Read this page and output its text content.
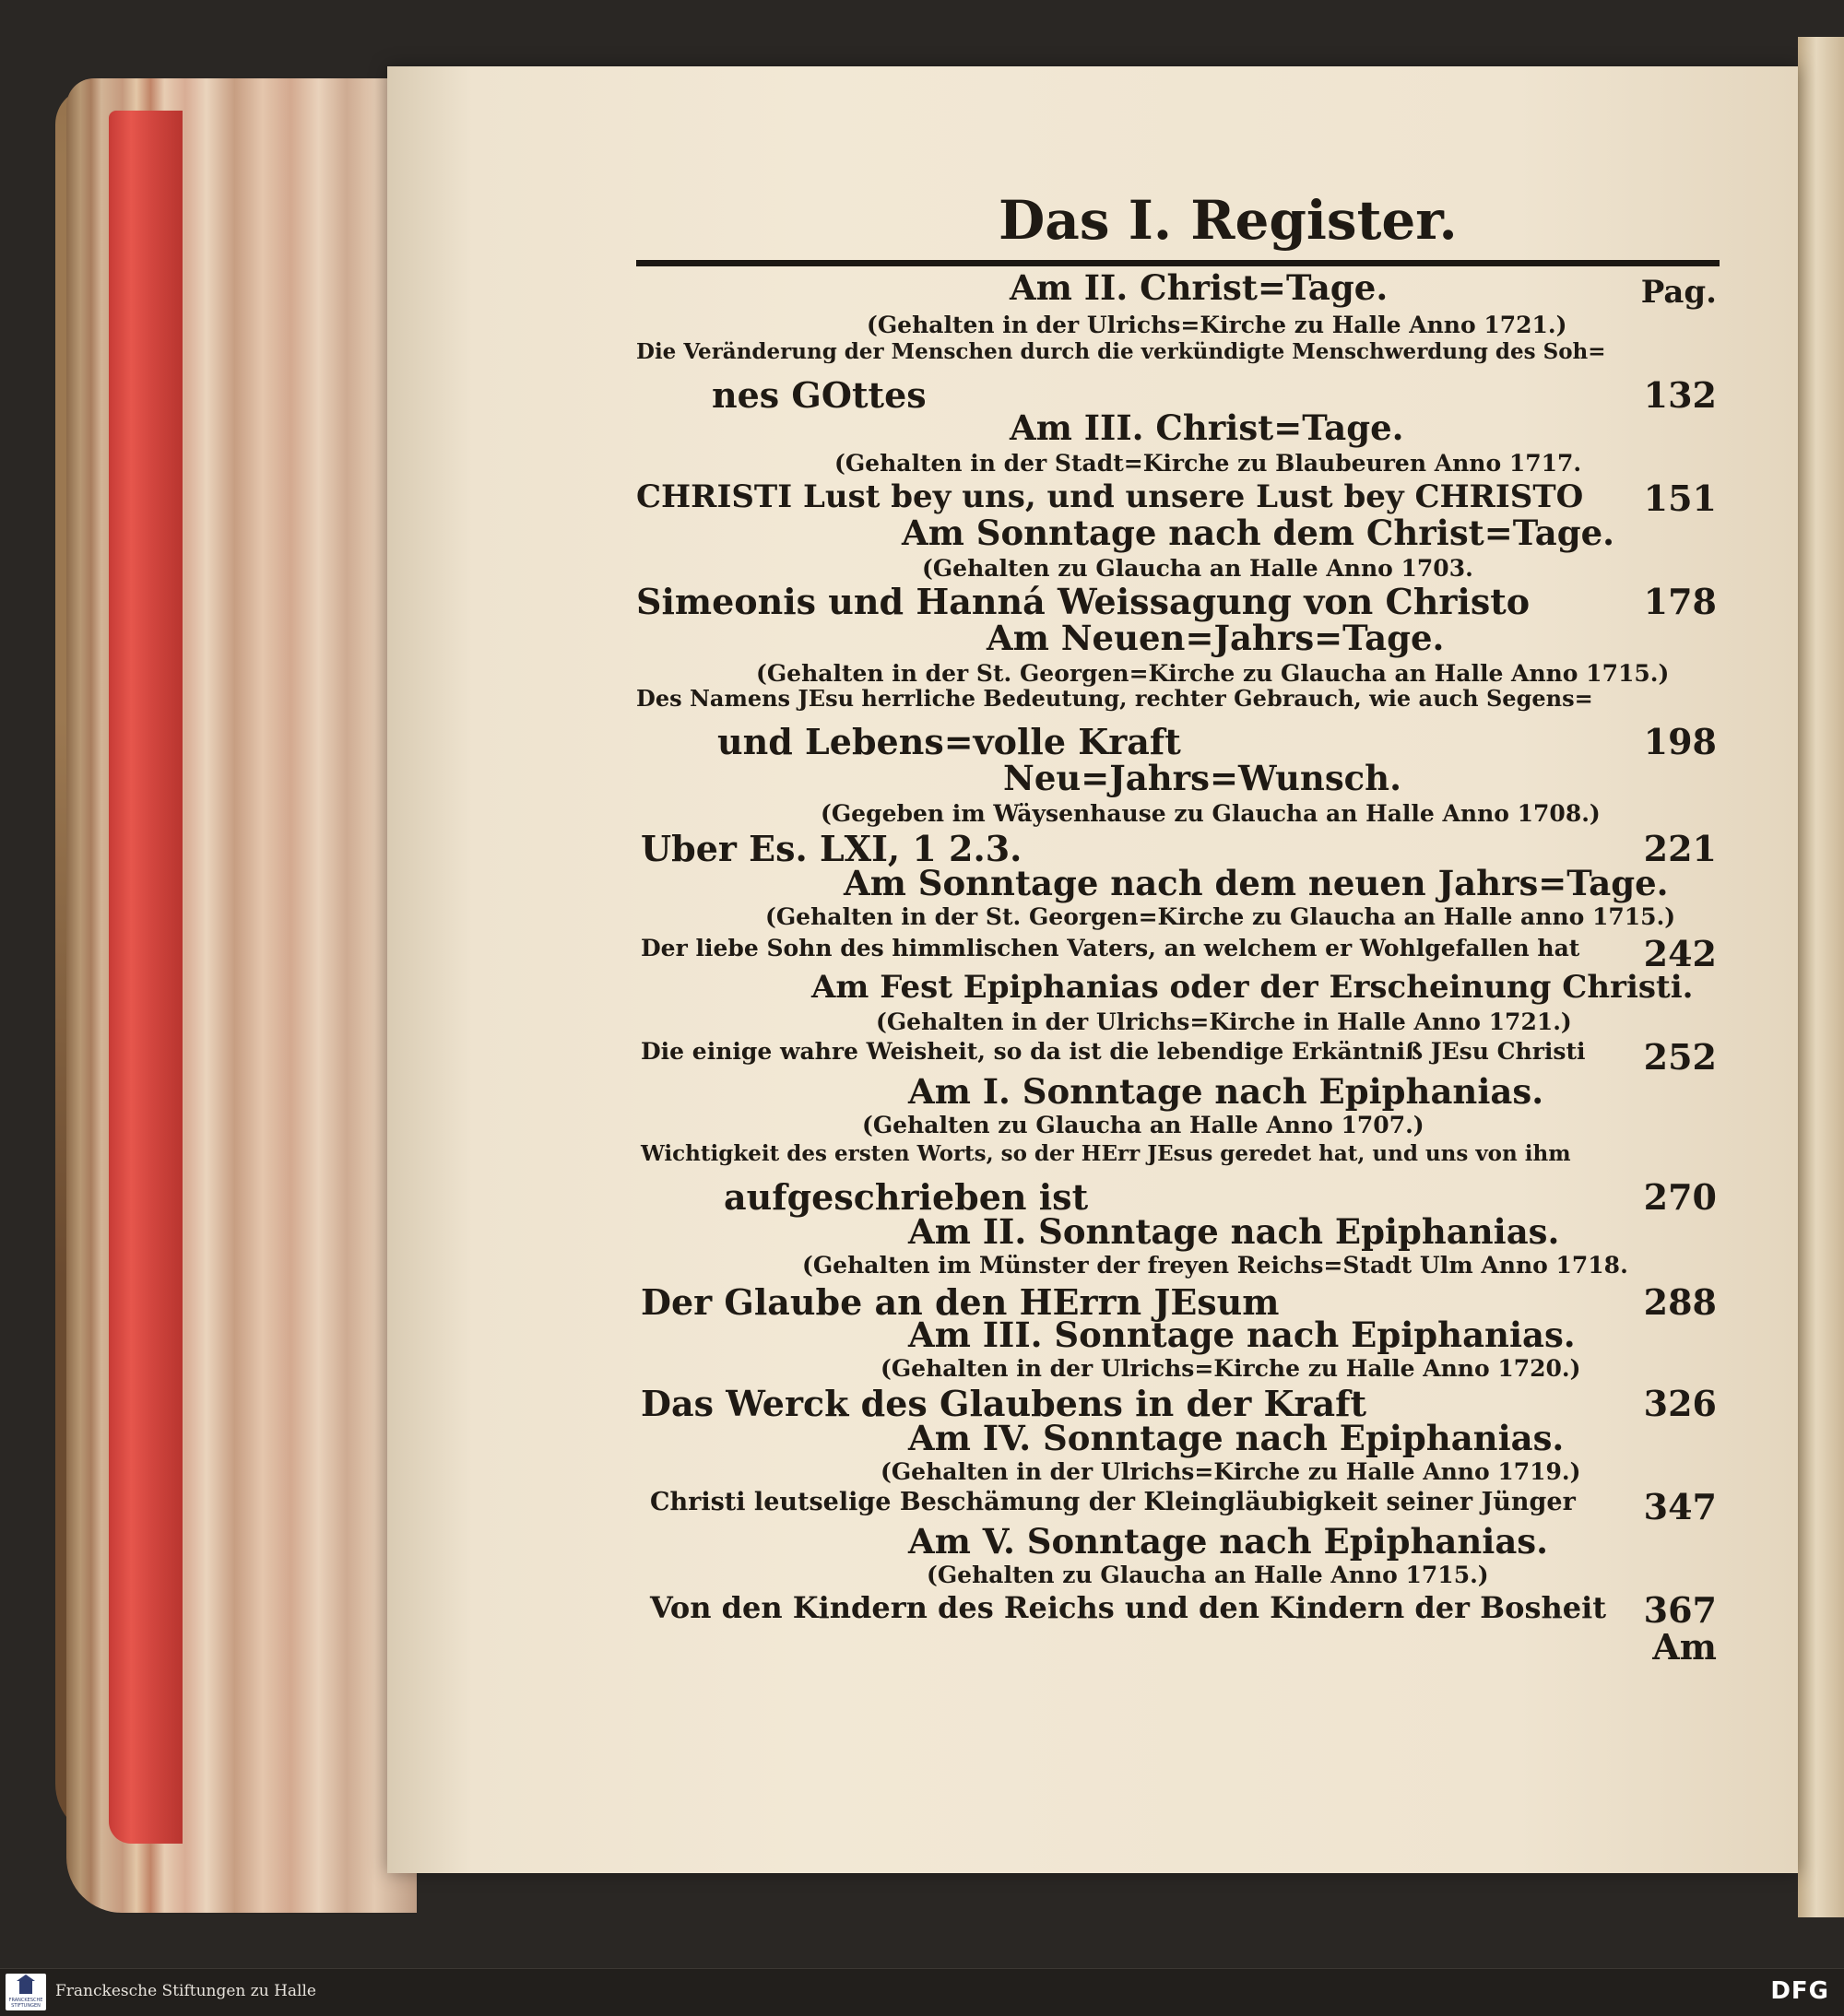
Das I. Register.
Pag.
Am II. Christ=Tage.
(Gehalten in der Ulrichs=Kirche zu Halle Anno 1721.)
Die Veränderung der Menschen durch die verkündigte Menschwerdung des Soh=
nes GOttes	132
Am III. Christ=Tage.
(Gehalten in der Stadt=Kirche zu Blaubeuren Anno 1717.
CHRISTI Lust bey uns, und unsere Lust bey CHRISTO	151
Am Sonntage nach dem Christ=Tage.
(Gehalten zu Glaucha an Halle Anno 1703.
Simeonis und Hanná Weissagung von Christo	178
Am Neuen=Jahrs=Tage.
(Gehalten in der St. Georgen=Kirche zu Glaucha an Halle Anno 1715.)
Des Namens JEsu herrliche Bedeutung, rechter Gebrauch, wie auch Segens=
und Lebens=volle Kraft	198
Neu=Jahrs=Wunsch.
(Gegeben im Wäysenhause zu Glaucha an Halle Anno 1708.)
Uber Es. LXI, 1 2.3.	221
Am Sonntage nach dem neuen Jahrs=Tage.
(Gehalten in der St. Georgen=Kirche zu Glaucha an Halle anno 1715.)
Der liebe Sohn des himmlischen Vaters, an welchem er Wohlgefallen hat	242
Am Fest Epiphanias oder der Erscheinung Christi.
(Gehalten in der Ulrichs=Kirche in Halle Anno 1721.)
Die einige wahre Weisheit, so da ist die lebendige Erkäntniß JEsu Christi	252
Am I. Sonntage nach Epiphanias.
(Gehalten zu Glaucha an Halle Anno 1707.)
Wichtigkeit des ersten Worts, so der HErr JEsus geredet hat, und uns von ihm
aufgeschrieben ist	270
Am II. Sonntage nach Epiphanias.
(Gehalten im Münster der freyen Reichs=Stadt Ulm Anno 1718.
Der Glaube an den HErrn JEsum	288
Am III. Sonntage nach Epiphanias.
(Gehalten in der Ulrichs=Kirche zu Halle Anno 1720.)
Das Werck des Glaubens in der Kraft	326
Am IV. Sonntage nach Epiphanias.
(Gehalten in der Ulrichs=Kirche zu Halle Anno 1719.)
Christi leutselige Beschämung der Kleingläubigkeit seiner Jünger	347
Am V. Sonntage nach Epiphanias.
(Gehalten zu Glaucha an Halle Anno 1715.)
Von den Kindern des Reichs und den Kindern der Bosheit	367
Am
FRANCKESCHE STIFTUNGEN
Franckesche Stiftungen zu Halle	DFG
